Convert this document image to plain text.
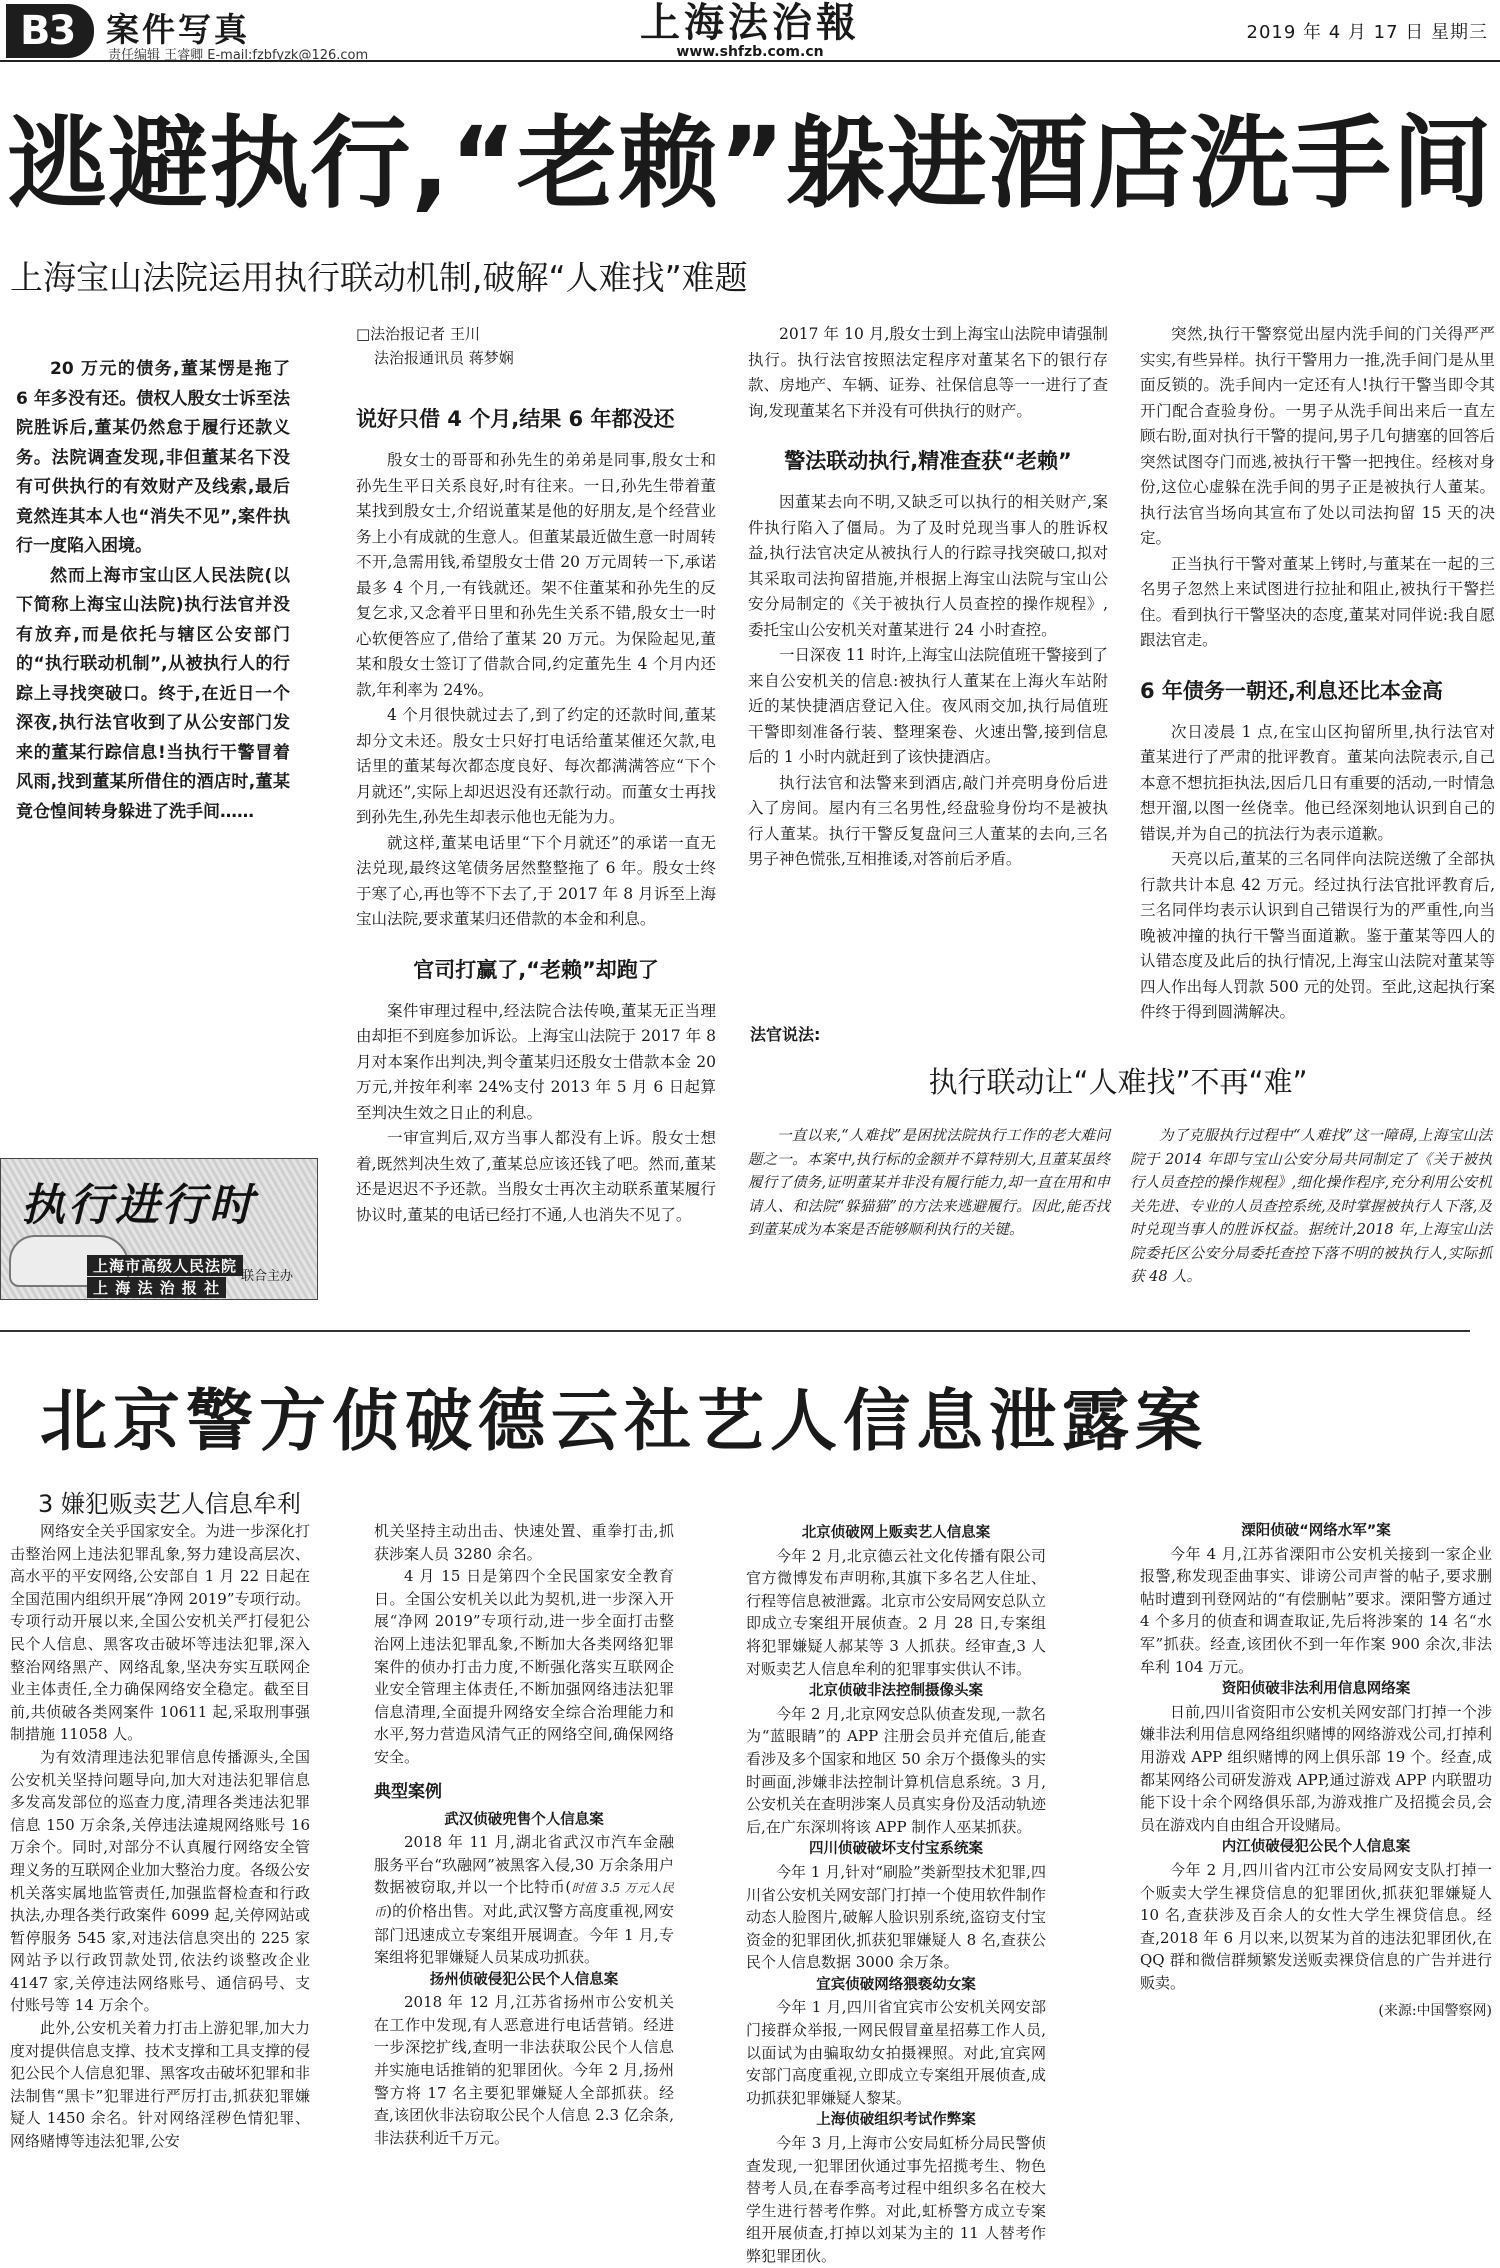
B3 案件写真
责任编辑 王睿卿 E-mail:fzbfyzk@126.com
上海法治報
www.shfzb.com.cn
2019 年 4 月 17 日 星期三
逃避执行,“老赖”躲进酒店洗手间
上海宝山法院运用执行联动机制,破解“人难找”难题

20 万元的债务,董某愣是拖了 6 年多没有还。债权人殷女士诉至法院胜诉后,董某仍然怠于履行还款义务。法院调查发现,非但董某名下没有可供执行的有效财产及线索,最后竟然连其本人也“消失不见”,案件执行一度陷入困境。

然而上海市宝山区人民法院(以下简称上海宝山法院)执行法官并没有放弃,而是依托与辖区公安部门的“执行联动机制”,从被执行人的行踪上寻找突破口。终于,在近日一个深夜,执行法官收到了从公安部门发来的董某行踪信息!当执行干警冒着风雨,找到董某所借住的酒店时,董某竟仓惶间转身躲进了洗手间……

□法治报记者 王川

法治报通讯员 蒋梦娴

说好只借 4 个月,结果 6 年都没还

殷女士的哥哥和孙先生的弟弟是同事,殷女士和孙先生平日关系良好,时有往来。一日,孙先生带着董某找到殷女士,介绍说董某是他的好朋友,是个经营业务上小有成就的生意人。但董某最近做生意一时周转不开,急需用钱,希望殷女士借 20 万元周转一下,承诺最多 4 个月,一有钱就还。架不住董某和孙先生的反复乞求,又念着平日里和孙先生关系不错,殷女士一时心软便答应了,借给了董某 20 万元。为保险起见,董某和殷女士签订了借款合同,约定董先生 4 个月内还款,年利率为 24%。

4 个月很快就过去了,到了约定的还款时间,董某却分文未还。殷女士只好打电话给董某催还欠款,电话里的董某每次都态度良好、每次都满满答应“下个月就还”,实际上却迟迟没有还款行动。而董女士再找到孙先生,孙先生却表示他也无能为力。

就这样,董某电话里“下个月就还”的承诺一直无法兑现,最终这笔债务居然整整拖了 6 年。殷女士终于寒了心,再也等不下去了,于 2017 年 8 月诉至上海宝山法院,要求董某归还借款的本金和利息。

官司打赢了,“老赖”却跑了

案件审理过程中,经法院合法传唤,董某无正当理由却拒不到庭参加诉讼。上海宝山法院于 2017 年 8 月对本案作出判决,判令董某归还殷女士借款本金 20 万元,并按年利率 24%支付 2013 年 5 月 6 日起算至判决生效之日止的利息。

一审宣判后,双方当事人都没有上诉。殷女士想着,既然判决生效了,董某总应该还钱了吧。然而,董某还是迟迟不予还款。当殷女士再次主动联系董某履行协议时,董某的电话已经打不通,人也消失不见了。

2017 年 10 月,殷女士到上海宝山法院申请强制执行。执行法官按照法定程序对董某名下的银行存款、房地产、车辆、证券、社保信息等一一进行了查询,发现董某名下并没有可供执行的财产。

警法联动执行,精准查获“老赖”

因董某去向不明,又缺乏可以执行的相关财产,案件执行陷入了僵局。为了及时兑现当事人的胜诉权益,执行法官决定从被执行人的行踪寻找突破口,拟对其采取司法拘留措施,并根据上海宝山法院与宝山公安分局制定的《关于被执行人员查控的操作规程》,委托宝山公安机关对董某进行 24 小时查控。

一日深夜 11 时许,上海宝山法院值班干警接到了来自公安机关的信息:被执行人董某在上海火车站附近的某快捷酒店登记入住。夜风雨交加,执行局值班干警即刻准备行装、整理案卷、火速出警,接到信息后的 1 小时内就赶到了该快捷酒店。

执行法官和法警来到酒店,敲门并亮明身份后进入了房间。屋内有三名男性,经盘验身份均不是被执行人董某。执行干警反复盘问三人董某的去向,三名男子神色慌张,互相推诿,对答前后矛盾。

突然,执行干警察觉出屋内洗手间的门关得严严实实,有些异样。执行干警用力一推,洗手间门是从里面反锁的。洗手间内一定还有人!执行干警当即令其开门配合查验身份。一男子从洗手间出来后一直左顾右盼,面对执行干警的提问,男子几句搪塞的回答后突然试图夺门而逃,被执行干警一把拽住。经核对身份,这位心虚躲在洗手间的男子正是被执行人董某。执行法官当场向其宣布了处以司法拘留 15 天的决定。

正当执行干警对董某上铐时,与董某在一起的三名男子忽然上来试图进行拉扯和阻止,被执行干警拦住。看到执行干警坚决的态度,董某对同伴说:我自愿跟法官走。

6 年债务一朝还,利息还比本金高

次日凌晨 1 点,在宝山区拘留所里,执行法官对董某进行了严肃的批评教育。董某向法院表示,自己本意不想抗拒执法,因后几日有重要的活动,一时情急想开溜,以图一丝侥幸。他已经深刻地认识到自己的错误,并为自己的抗法行为表示道歉。

天亮以后,董某的三名同伴向法院送缴了全部执行款共计本息 42 万元。经过执行法官批评教育后,三名同伴均表示认识到自己错误行为的严重性,向当晚被冲撞的执行干警当面道歉。鉴于董某等四人的认错态度及此后的执行情况,上海宝山法院对董某等四人作出每人罚款 500 元的处罚。至此,这起执行案件终于得到圆满解决。

法官说法:
执行联动让“人难找”不再“难”

一直以来,“人难找”是困扰法院执行工作的老大难问题之一。本案中,执行标的金额并不算特别大,且董某虽终履行了债务,证明董某并非没有履行能力,却一直在用和申请人、和法院“躲猫猫”的方法来逃避履行。因此,能否找到董某成为本案是否能够顺利执行的关键。

为了克服执行过程中“人难找”这一障碍,上海宝山法院于 2014 年即与宝山公安分局共同制定了《关于被执行人员查控的操作规程》,细化操作程序,充分利用公安机关先进、专业的人员查控系统,及时掌握被执行人下落,及时兑现当事人的胜诉权益。据统计,2018 年,上海宝山法院委托区公安分局委托查控下落不明的被执行人,实际抓获 48 人。

执行进行时
上海市高级人民法院
上 海 法 治 报 社
联合主办
北京警方侦破德云社艺人信息泄露案
3 嫌犯贩卖艺人信息牟利

网络安全关乎国家安全。为进一步深化打击整治网上违法犯罪乱象,努力建设高层次、高水平的平安网络,公安部自 1 月 22 日起在全国范围内组织开展“净网 2019”专项行动。专项行动开展以来,全国公安机关严打侵犯公民个人信息、黑客攻击破坏等违法犯罪,深入整治网络黑产、网络乱象,坚决夯实互联网企业主体责任,全力确保网络安全稳定。截至目前,共侦破各类网案件 10611 起,采取刑事强制措施 11058 人。

为有效清理违法犯罪信息传播源头,全国公安机关坚持问题导向,加大对违法犯罪信息多发高发部位的巡查力度,清理各类违法犯罪信息 150 万余条,关停违法違規网络账号 16 万余个。同时,对部分不认真履行网络安全管理义务的互联网企业加大整治力度。各级公安机关落实属地监管责任,加强监督检查和行政执法,办理各类行政案件 6099 起,关停网站或暂停服务 545 家,对违法信息突出的 225 家网站予以行政罚款处罚,依法约谈整改企业 4147 家,关停违法网络账号、通信码号、支付账号等 14 万余个。

此外,公安机关着力打击上游犯罪,加大力度对提供信息支撑、技术支撑和工具支撑的侵犯公民个人信息犯罪、黑客攻击破坏犯罪和非法制售“黑卡”犯罪进行严厉打击,抓获犯罪嫌疑人 1450 余名。针对网络淫秽色情犯罪、网络赌博等违法犯罪,公安

机关坚持主动出击、快速处置、重拳打击,抓获涉案人员 3280 余名。

4 月 15 日是第四个全民国家安全教育日。全国公安机关以此为契机,进一步深入开展“净网 2019”专项行动,进一步全面打击整治网上违法犯罪乱象,不断加大各类网络犯罪案件的侦办打击力度,不断强化落实互联网企业安全管理主体责任,不断加强网络违法犯罪信息清理,全面提升网络安全综合治理能力和水平,努力营造风清气正的网络空间,确保网络安全。

典型案例

武汉侦破兜售个人信息案

2018 年 11 月,湖北省武汉市汽车金融服务平台“玖融网”被黑客入侵,30 万余条用户数据被窃取,并以一个比特币(时值 3.5 万元人民币)的价格出售。对此,武汉警方高度重视,网安部门迅速成立专案组开展调查。今年 1 月,专案组将犯罪嫌疑人员某成功抓获。

扬州侦破侵犯公民个人信息案

2018 年 12 月,江苏省扬州市公安机关在工作中发现,有人恶意进行电话营销。经进一步深挖扩线,查明一非法获取公民个人信息并实施电话推销的犯罪团伙。今年 2 月,扬州警方将 17 名主要犯罪嫌疑人全部抓获。经查,该团伙非法窃取公民个人信息 2.3 亿余条,非法获利近千万元。

北京侦破网上贩卖艺人信息案

今年 2 月,北京德云社文化传播有限公司官方微博发布声明称,其旗下多名艺人住址、行程等信息被泄露。北京市公安局网安总队立即成立专案组开展侦查。2 月 28 日,专案组将犯罪嫌疑人郝某等 3 人抓获。经审查,3 人对贩卖艺人信息牟利的犯罪事实供认不讳。

北京侦破非法控制摄像头案

今年 2 月,北京网安总队侦查发现,一款名为“蓝眼睛”的 APP 注册会员并充值后,能查看涉及多个国家和地区 50 余万个摄像头的实时画面,涉嫌非法控制计算机信息系统。3 月,公安机关在查明涉案人员真实身份及活动轨迹后,在广东深圳将该 APP 制作人巫某抓获。

四川侦破破坏支付宝系统案

今年 1 月,针对“刷脸”类新型技术犯罪,四川省公安机关网安部门打掉一个使用软件制作动态人脸图片,破解人脸识别系统,盗窃支付宝资金的犯罪团伙,抓获犯罪嫌疑人 8 名,查获公民个人信息数据 3000 余万条。

宜宾侦破网络猥亵幼女案

今年 1 月,四川省宜宾市公安机关网安部门接群众举报,一网民假冒童星招募工作人员,以面试为由骗取幼女拍摄裸照。对此,宜宾网安部门高度重视,立即成立专案组开展侦查,成功抓获犯罪嫌疑人黎某。

上海侦破组织考试作弊案

今年 3 月,上海市公安局虹桥分局民警侦查发现,一犯罪团伙通过事先招揽考生、物色替考人员,在春季高考过程中组织多名在校大学生进行替考作弊。对此,虹桥警方成立专案组开展侦查,打掉以刘某为主的 11 人替考作弊犯罪团伙。

溧阳侦破“网络水军”案

今年 4 月,江苏省溧阳市公安机关接到一家企业报警,称发现歪曲事实、诽谤公司声誉的帖子,要求删帖时遭到刊登网站的“有偿删帖”要求。溧阳警方通过 4 个多月的侦查和调查取证,先后将涉案的 14 名“水军”抓获。经查,该团伙不到一年作案 900 余次,非法牟利 104 万元。

资阳侦破非法利用信息网络案

日前,四川省资阳市公安机关网安部门打掉一个涉嫌非法利用信息网络组织赌博的网络游戏公司,打掉利用游戏 APP 组织赌博的网上俱乐部 19 个。经查,成都某网络公司研发游戏 APP,通过游戏 APP 内联盟功能下设十余个网络俱乐部,为游戏推广及招揽会员,会员在游戏内自由组合开设赌局。

内江侦破侵犯公民个人信息案

今年 2 月,四川省内江市公安局网安支队打掉一个贩卖大学生裸贷信息的犯罪团伙,抓获犯罪嫌疑人 10 名,查获涉及百余人的女性大学生裸贷信息。经查,2018 年 6 月以来,以贺某为首的违法犯罪团伙,在 QQ 群和微信群频繁发送贩卖裸贷信息的广告并进行贩卖。

(来源:中国警察网)
